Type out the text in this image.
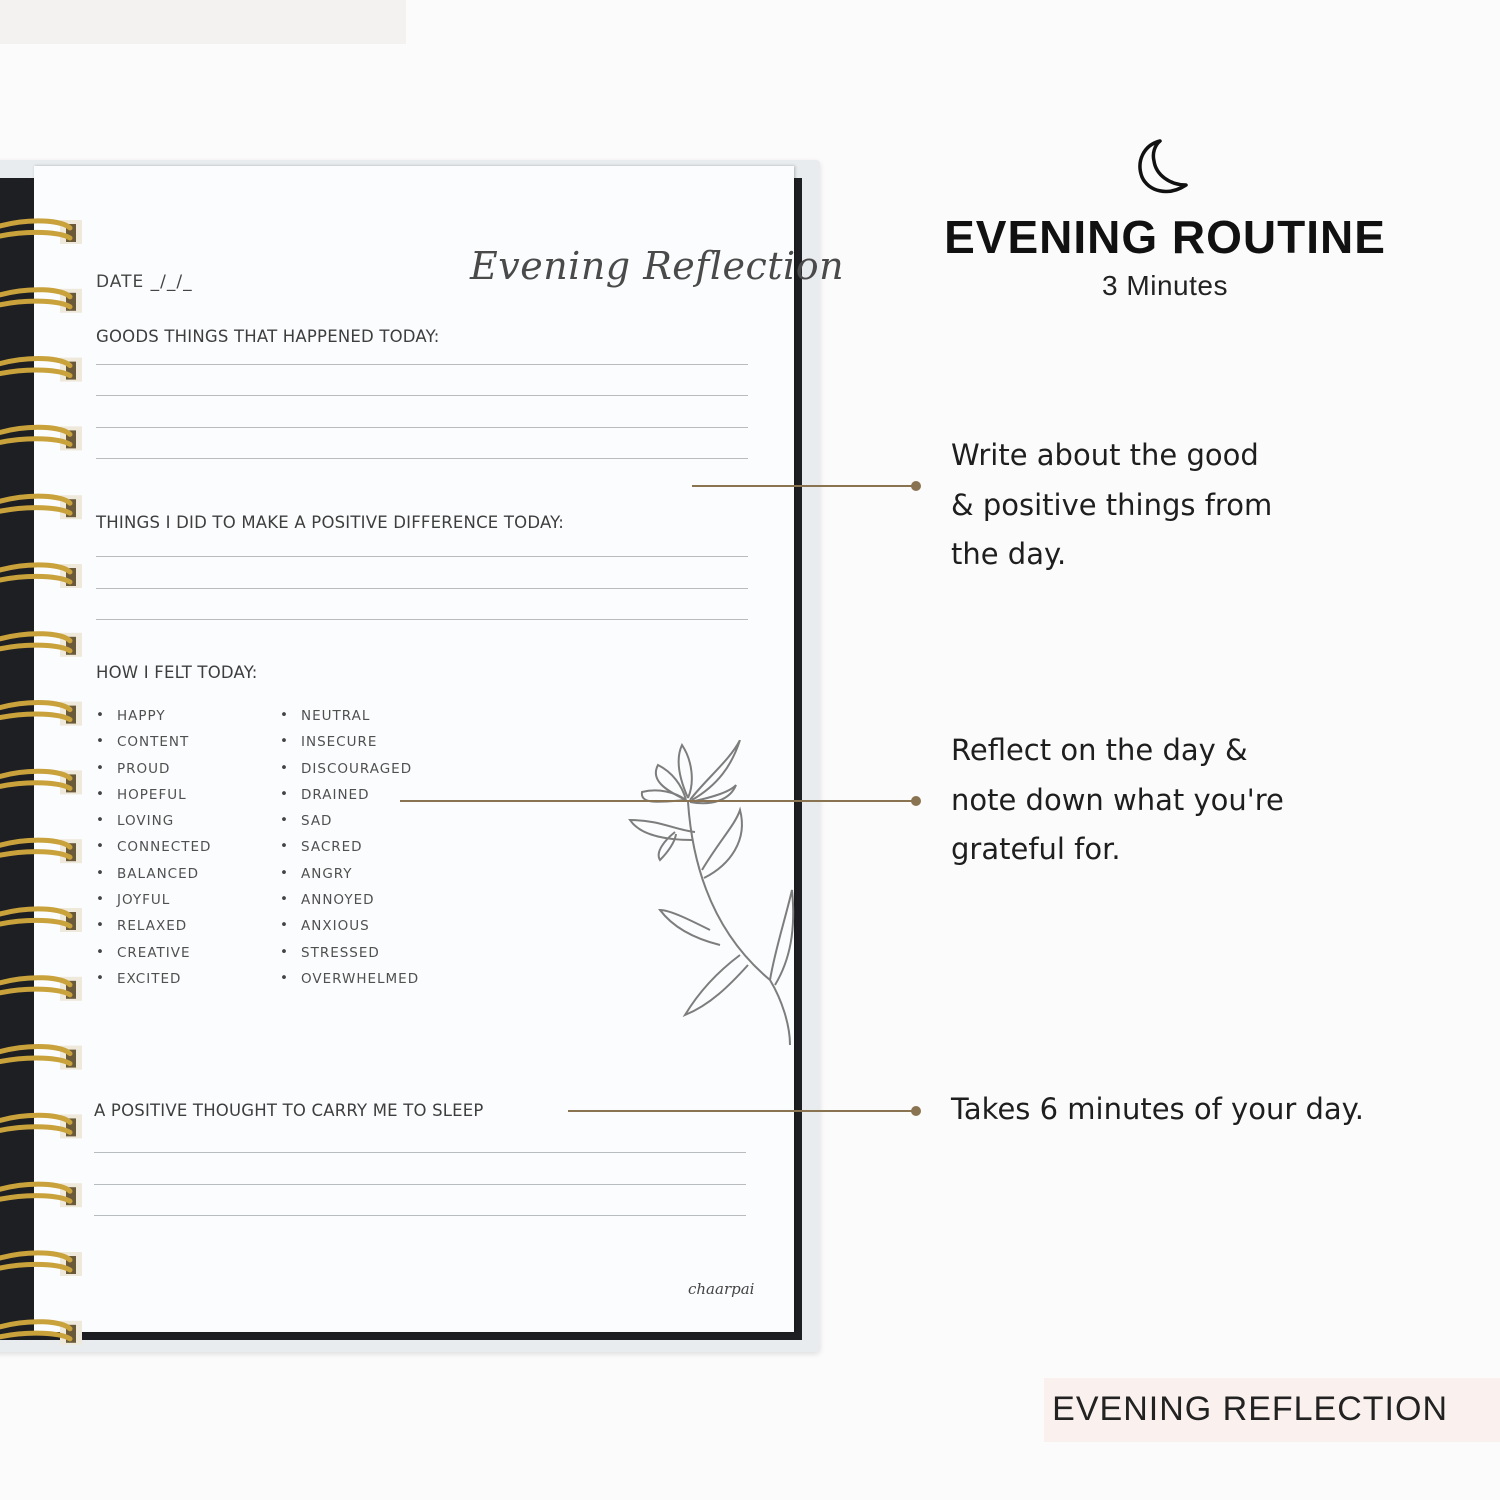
DATE _/_/_	Evening Reflection
GOODS THINGS THAT HAPPENED TODAY:
THINGS I DID TO MAKE A POSITIVE DIFFERENCE TODAY:
HOW I FELT TODAY:
• HAPPY
• CONTENT
• PROUD
• HOPEFUL
• LOVING
• CONNECTED
• BALANCED
• JOYFUL
• RELAXED
• CREATIVE
• EXCITED
• NEUTRAL
• INSECURE
• DISCOURAGED
• DRAINED
• SAD
• SACRED
• ANGRY
• ANNOYED
• ANXIOUS
• STRESSED
• OVERWHELMED
A POSITIVE THOUGHT TO CARRY ME TO SLEEP
chaarpai
EVENING ROUTINE
3 Minutes
Write about the good
& positive things from
the day.
Reflect on the day &
note down what you're
grateful for.
Takes 6 minutes of your day.
EVENING REFLECTION
